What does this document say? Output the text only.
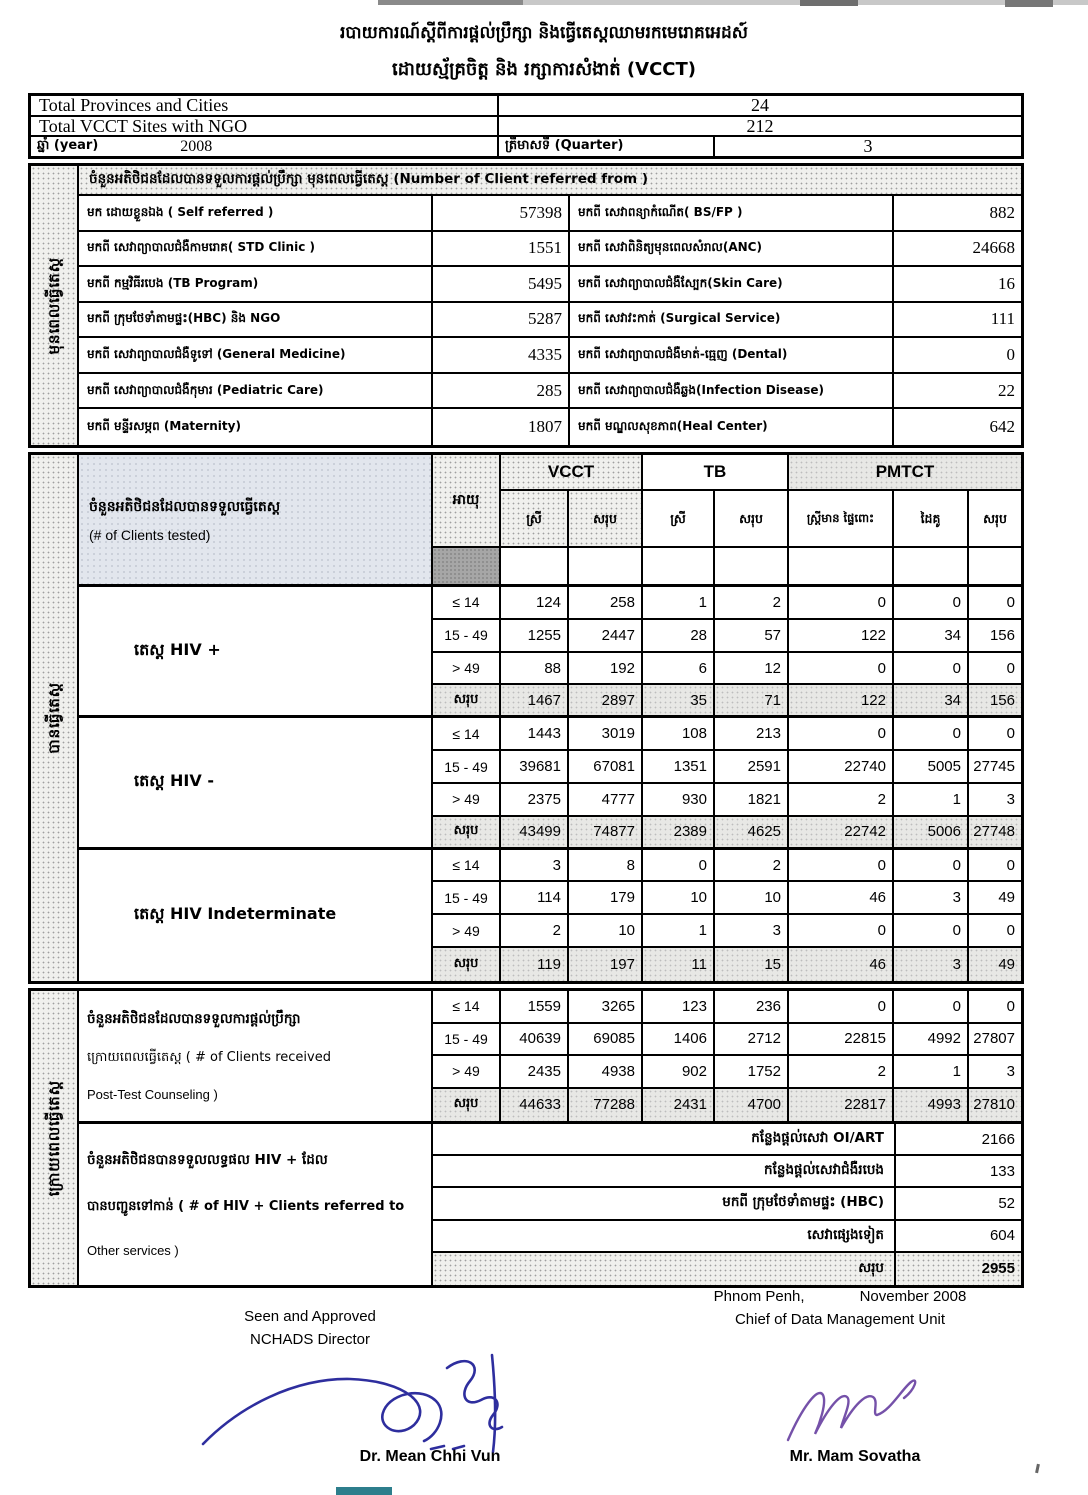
របាយការណ៍ស្តីពីការផ្តល់ប្រឹក្សា និងធ្វើតេស្តឈាមរកមេរោគអេដស៍
ដោយស្ម័គ្រចិត្ត និង រក្សាការសំងាត់ (VCCT)
Total Provinces and Cities	24
Total VCCT Sites with NGO	212
ឆ្នាំ (year)	2008	ត្រីមាសទី (Quarter)	3
មុនពេលធ្វើតេស្ត
ចំនួនអតិថិជនដែលបានទទួលការផ្តល់ប្រឹក្សា មុនពេលធ្វើតេស្ត (Number of Client referred from )
មក ដោយខ្លួនឯង ( Self referred )	57398	មកពី សេវាពន្យាកំណើត( BS/FP )	882
មកពី សេវាព្យាបាលជំងឺកាមរោគ( STD Clinic )	1551	មកពី សេវាពិនិត្យមុនពេលសំរាល(ANC)	24668
មកពី កម្មវិធីរបេង (TB Program)	5495	មកពី សេវាព្យាបាលជំងឺស្បែក(Skin Care)	16
មកពី ក្រុមថែទាំតាមផ្ទះ(HBC) និង NGO	5287	មកពី សេវាវះកាត់ (Surgical Service)	111
មកពី សេវាព្យាបាលជំងឺទូទៅ (General Medicine)	4335	មកពី សេវាព្យាបាលជំងឺមាត់-ធ្មេញ (Dental)	0
មកពី សេវាព្យាបាលជំងឺកុមារ (Pediatric Care)	285	មកពី សេវាព្យាបាលជំងឺឆ្លង(Infection Disease)	22
មកពី មន្ទីរសម្ភព (Maternity)	1807	មកពី មណ្ឌលសុខភាព(Heal Center)	642
បានធ្វើតេស្ត
ចំនួនអតិថិជនដែលបានទទួលធ្វើតេស្ត
(# of Clients tested)
អាយុ
VCCT	TB	PMTCT
ស្រី	សរុប	ស្រី	សរុប	ស្ត្រីមាន ផ្ទៃពោះ	ដៃគូ	សរុប
តេស្ត HIV +
≤ 14	124	258	1	2	0	0	0
15 - 49	1255	2447	28	57	122	34	156
> 49	88	192	6	12	0	0	0
សរុប	1467	2897	35	71	122	34	156
តេស្ត HIV -
≤ 14	1443	3019	108	213	0	0	0
15 - 49	39681	67081	1351	2591	22740	5005 27745
> 49	2375	4777	930	1821	2	1	3
សរុប	43499	74877	2389	4625	22742	5006 27748
តេស្ត HIV Indeterminate
≤ 14	3	8	0	2	0	0	0
15 - 49	114	179	10	10	46	3	49
> 49	2	10	1	3	0	0	0
សរុប	119	197	11	15	46	3	49
ក្រោយពេលធ្វើតេស្ត
ចំនួនអតិថិជនដែលបានទទួលការផ្តល់ប្រឹក្សា
ក្រោយពេលធ្វើតេស្ត ( # of Clients received
Post-Test Counseling )
≤ 14	1559	3265	123	236	0	0	0
15 - 49	40639	69085	1406	2712	22815	4992 27807
> 49	2435	4938	902	1752	2	1	3
សរុប	44633	77288	2431	4700	22817	4993 27810
ចំនួនអតិថិជនបានទទួលលទ្ធផល HIV + ដែល
បានបញ្ជូនទៅកាន់ ( # of HIV + Clients referred to
Other services )
កន្លែងផ្តល់សេវា OI/ART	2166
កន្លែងផ្តល់សេវាជំងឺរបេង	133
មកពី ក្រុមថែទាំតាមផ្ទះ (HBC)	52
សេវាផ្សេងទៀត	604
សរុប	2955
Seen and Approved
NCHADS Director
Phnom Penh,	November 2008
Chief of Data Management Unit
Dr. Mean Chhi Vun	Mr. Mam Sovatha
